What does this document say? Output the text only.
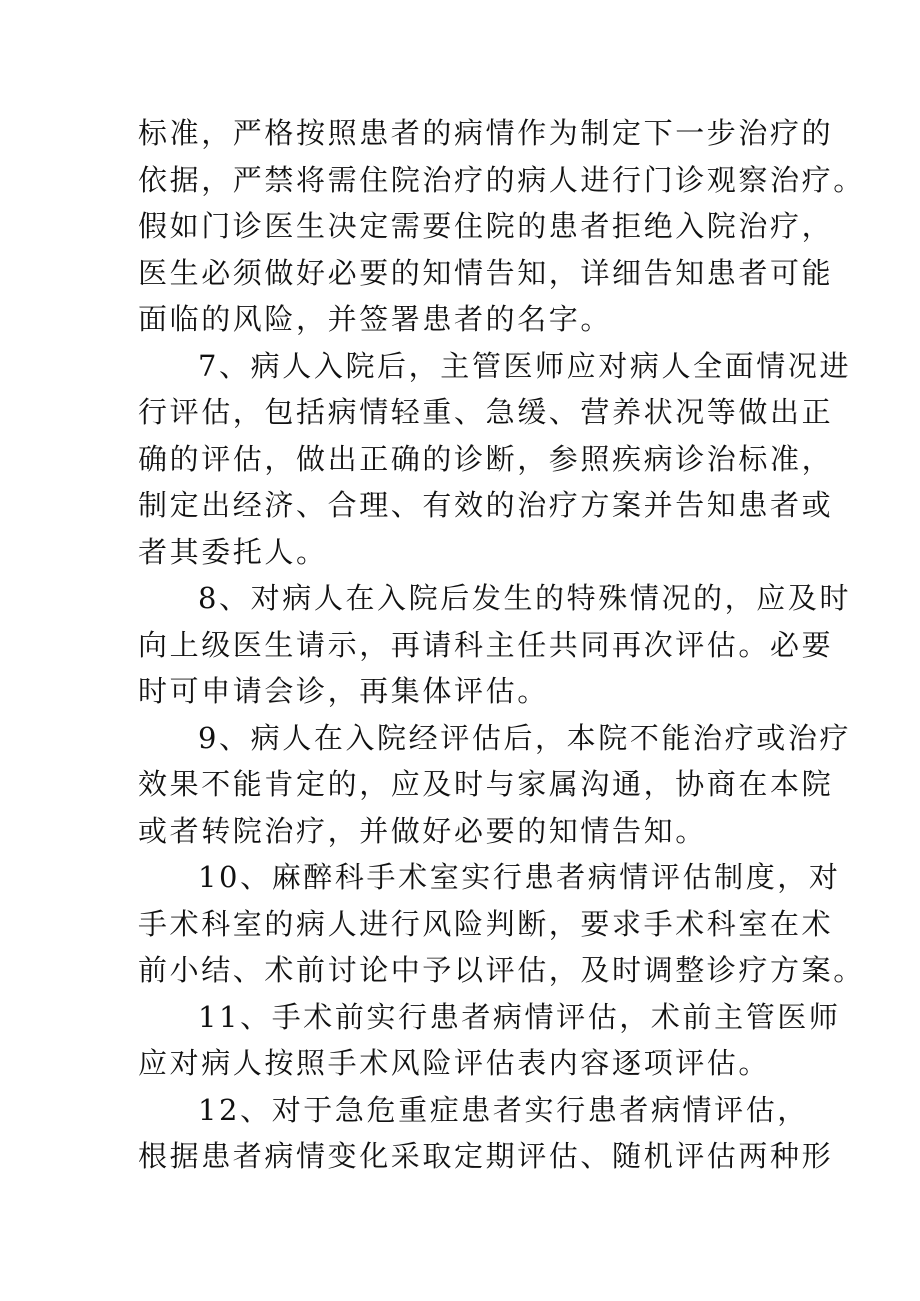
标准，严格按照患者的病情作为制定下一步治疗的
依据，严禁将需住院治疗的病人进行门诊观察治疗。
假如门诊医生决定需要住院的患者拒绝入院治疗，
医生必须做好必要的知情告知，详细告知患者可能
面临的风险，并签署患者的名字。
7、病人入院后，主管医师应对病人全面情况进
行评估，包括病情轻重、急缓、营养状况等做出正
确的评估，做出正确的诊断，参照疾病诊治标准，
制定出经济、合理、有效的治疗方案并告知患者或
者其委托人。
8、对病人在入院后发生的特殊情况的，应及时
向上级医生请示，再请科主任共同再次评估。必要
时可申请会诊，再集体评估。
9、病人在入院经评估后，本院不能治疗或治疗
效果不能肯定的，应及时与家属沟通，协商在本院
或者转院治疗，并做好必要的知情告知。
10、麻醉科手术室实行患者病情评估制度，对
手术科室的病人进行风险判断，要求手术科室在术
前小结、术前讨论中予以评估，及时调整诊疗方案。
11、手术前实行患者病情评估，术前主管医师
应对病人按照手术风险评估表内容逐项评估。
12、对于急危重症患者实行患者病情评估，
根据患者病情变化采取定期评估、随机评估两种形
